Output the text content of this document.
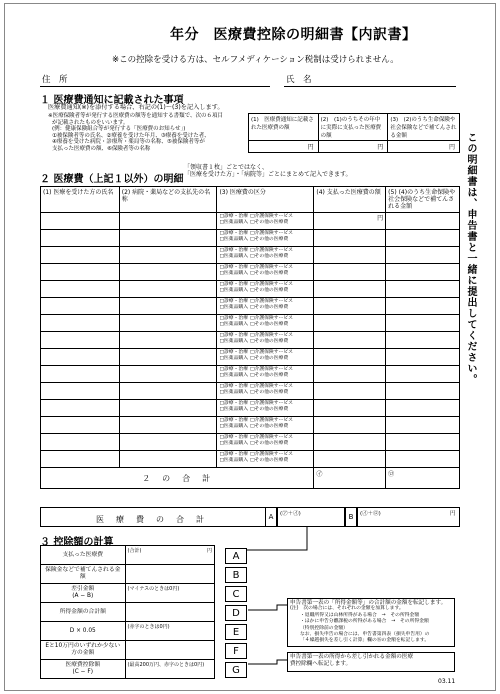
年分　医療費控除の明細書【内訳書】
※この控除を受ける方は、セルフメディケーション税制は受けられません。
住　所	氏　名
１ 医療費通知に記載された事項
医療費通知(※)を添付する場合、右記の(1)〜(3)を記入します。
※医療保険者等が発行する医療費の額等を通知する書類で、次の６項目
が記載されたものをいいます。
(例：健康保険組合等が発行する「医療費のお知らせ」)
①被保険者等の氏名、②療養を受けた年月、③療養を受けた者、
④療養を受けた病院・診療所・薬局等の名称、⑤被保険者等が
支払った医療費の額、⑥保険者等の名称
(1)　医療費通知に記載された医療費の額	(2)　(1)のうちその年中に実際に支払った医療費の額	(3)　(2)のうち生命保険や社会保険などで補てんされる金額

円	円	円
２ 医療費（上記１以外）の明細
「領収書１枚」ごとではなく、
「医療を受けた方」・「病院等」ごとにまとめて記入できます。
(1) 医療を受けた方の氏名	(2) 病院・薬局などの支払先の名称	(3) 医療費の区分	(4) 支払った医療費の額	(5) (4)のうち生命保険や社会保険などで補てんされる金額

		□診療・治療 □介護保険サービス
□医薬品購入 □その他の医療費	円	

		□診療・治療 □介護保険サービス
□医薬品購入 □その他の医療費		

		□診療・治療 □介護保険サービス
□医薬品購入 □その他の医療費		

		□診療・治療 □介護保険サービス
□医薬品購入 □その他の医療費		

		□診療・治療 □介護保険サービス
□医薬品購入 □その他の医療費		

		□診療・治療 □介護保険サービス
□医薬品購入 □その他の医療費		

		□診療・治療 □介護保険サービス
□医薬品購入 □その他の医療費		

		□診療・治療 □介護保険サービス
□医薬品購入 □その他の医療費		

		□診療・治療 □介護保険サービス
□医薬品購入 □その他の医療費		

		□診療・治療 □介護保険サービス
□医薬品購入 □その他の医療費		

		□診療・治療 □介護保険サービス
□医薬品購入 □その他の医療費		

		□診療・治療 □介護保険サービス
□医薬品購入 □その他の医療費		

		□診療・治療 □介護保険サービス
□医薬品購入 □その他の医療費		

		□診療・治療 □介護保険サービス
□医薬品購入 □その他の医療費		

		□診療・治療 □介護保険サービス
□医薬品購入 □その他の医療費		

２　の　合　計			㋑	㋺
医　療　費　の　合　計	A	(㋐＋㋑)	B	(㋑＋㋺)	円
３ 控除額の計算
支払った医療費	(合計) 円

保険金などで補てんされる金額	

差引金額
(A − B)	(マイナスのときは0円)

所得金額の合計額	

D × 0.05	(赤字のときは0円)

Eと10万円のいずれか少ない方の金額	

医療費控除額
(C − F)	(最高200万円、赤字のときは0円)
A
B
C
D
E
F
G
申告書第一表の「所得金額等」の合計額の金額を転記します。
(注)　次の場合には、それぞれの金額を加算します。
・退職所得又は山林所得がある場合　→　その所得金額
・ほかに申告分離課税の所得がある場合　→　その所得金額
（特別控除前の金額）
なお、損失申告の場合には、申告書第四表（損失申告用）の
「４繰越損失を差し引く計算」欄の⑯の金額を転記します。
申告書第一表の所得から差し引かれる金額の医療
費控除欄へ転記します。
この明細書は、申告書と一緒に提出してください。
03.11
